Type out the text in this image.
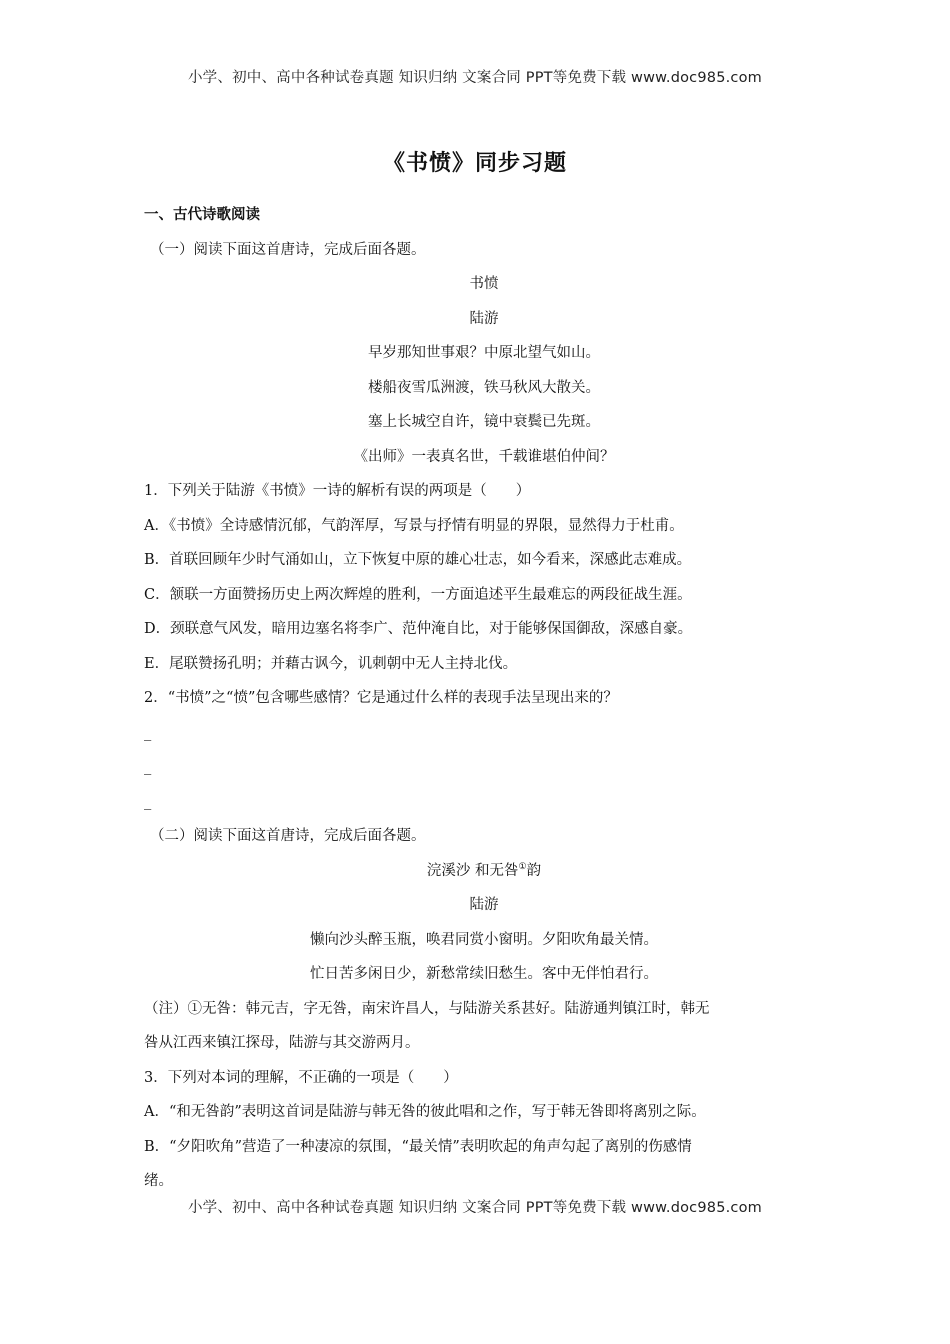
小学、初中、高中各种试卷真题 知识归纳 文案合同 PPT等免费下载 www.doc985.com
《书愤》同步习题
一、古代诗歌阅读
（一）阅读下面这首唐诗，完成后面各题。
书愤
陆游
早岁那知世事艰？中原北望气如山。
楼船夜雪瓜洲渡，铁马秋风大散关。
塞上长城空自许，镜中衰鬓已先斑。
《出师》一表真名世，千载谁堪伯仲间？
1．下列关于陆游《书愤》一诗的解析有误的两项是（　　）
A．《书愤》全诗感情沉郁，气韵浑厚，写景与抒情有明显的界限，显然得力于杜甫。
B．首联回顾年少时气涌如山，立下恢复中原的雄心壮志，如今看来，深感此志难成。
C．颔联一方面赞扬历史上两次辉煌的胜利，一方面追述平生最难忘的两段征战生涯。
D．颈联意气风发，暗用边塞名将李广、范仲淹自比，对于能够保国御敌，深感自豪。
E．尾联赞扬孔明；并藉古讽今，讥刺朝中无人主持北伐。
2．“书愤”之“愤”包含哪些感情？它是通过什么样的表现手法呈现出来的？
_
_
_
（二）阅读下面这首唐诗，完成后面各题。
浣溪沙 和无咎①韵
陆游
懒向沙头醉玉瓶，唤君同赏小窗明。夕阳吹角最关情。
忙日苦多闲日少，新愁常续旧愁生。客中无伴怕君行。
（注）①无咎：韩元吉，字无咎，南宋许昌人，与陆游关系甚好。陆游通判镇江时，韩无
咎从江西来镇江探母，陆游与其交游两月。
3．下列对本词的理解，不正确的一项是（　　）
A．“和无咎韵”表明这首词是陆游与韩无咎的彼此唱和之作，写于韩无咎即将离别之际。
B．“夕阳吹角”营造了一种凄凉的氛围，“最关情”表明吹起的角声勾起了离别的伤感情
绪。
小学、初中、高中各种试卷真题 知识归纳 文案合同 PPT等免费下载 www.doc985.com
